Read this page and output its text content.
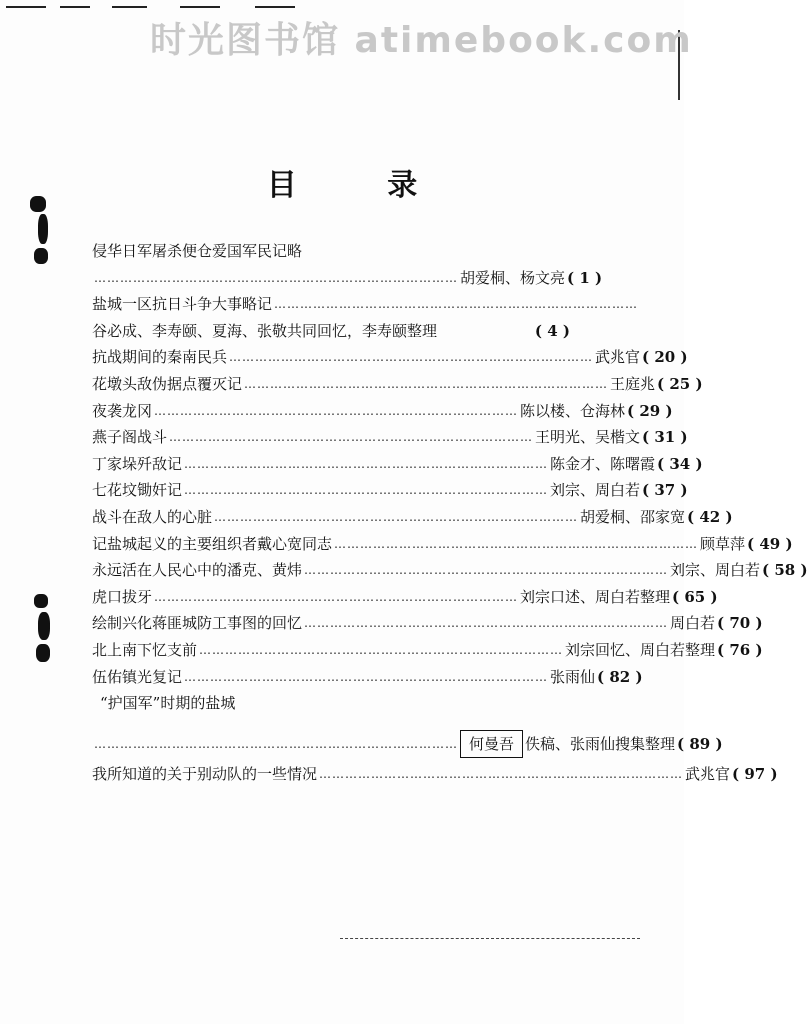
时光图书馆 atimebook.com
目 录
侵华日军屠杀便仓爱国军民记略
………………………………………………………………………… 胡爱桐、杨文亮 ( 1 )
盐城一区抗日斗争大事略记 …………………………………………………………………………
谷必成、李寿颐、夏海、张敬共同回忆，李寿颐整理	( 4 )
抗战期间的秦南民兵 ………………………………………………………………………… 武兆官 ( 20 )
花墩头敌伪据点覆灭记 ………………………………………………………………………… 王庭兆 ( 25 )
夜袭龙冈 ………………………………………………………………………… 陈以楼、仓海林 ( 29 )
燕子阁战斗 ………………………………………………………………………… 王明光、吴楷文 ( 31 )
丁家垛歼敌记 ………………………………………………………………………… 陈金才、陈曙霞 ( 34 )
七花坟锄奸记 ………………………………………………………………………… 刘宗、周白若 ( 37 )
战斗在敌人的心脏 ………………………………………………………………………… 胡爱桐、邵家宽 ( 42 )
记盐城起义的主要组织者戴心宽同志 ………………………………………………………………………… 顾草萍 ( 49 )
永远活在人民心中的潘克、黄炜 ………………………………………………………………………… 刘宗、周白若 ( 58 )
虎口拔牙 ………………………………………………………………………… 刘宗口述、周白若整理 ( 65 )
绘制兴化蒋匪城防工事图的回忆 ………………………………………………………………………… 周白若 ( 70 )
北上南下忆支前 ………………………………………………………………………… 刘宗回忆、周白若整理 ( 76 )
伍佑镇光复记 ………………………………………………………………………… 张雨仙 ( 82 )
“护国军”时期的盐城
………………………………………………………………………… 何曼吾 佚稿、张雨仙搜集整理 ( 89 )
我所知道的关于别动队的一些情况 ………………………………………………………………………… 武兆官 ( 97 )
